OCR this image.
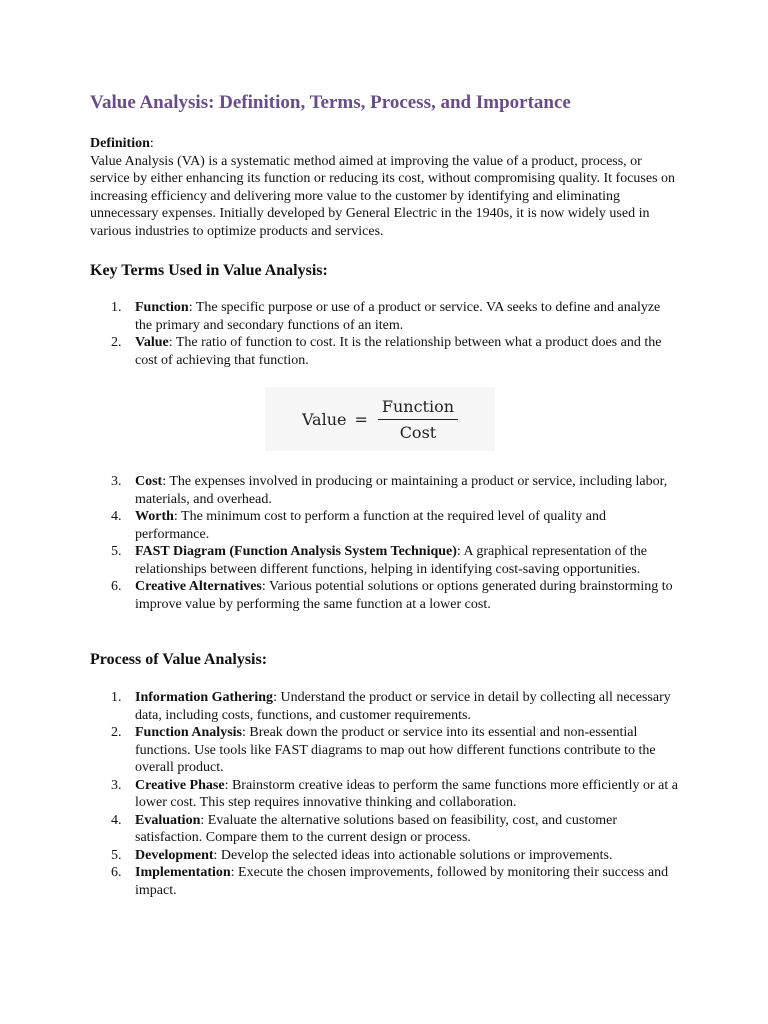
Value Analysis: Definition, Terms, Process, and Importance
Definition:
Value Analysis (VA) is a systematic method aimed at improving the value of a product, process, or service by either enhancing its function or reducing its cost, without compromising quality. It focuses on increasing efficiency and delivering more value to the customer by identifying and eliminating unnecessary expenses. Initially developed by General Electric in the 1940s, it is now widely used in various industries to optimize products and services.
Key Terms Used in Value Analysis:
1. Function: The specific purpose or use of a product or service. VA seeks to define and analyze the primary and secondary functions of an item.
2. Value: The ratio of function to cost. It is the relationship between what a product does and the cost of achieving that function.
3. Cost: The expenses involved in producing or maintaining a product or service, including labor, materials, and overhead.
4. Worth: The minimum cost to perform a function at the required level of quality and performance.
5. FAST Diagram (Function Analysis System Technique): A graphical representation of the relationships between different functions, helping in identifying cost-saving opportunities.
6. Creative Alternatives: Various potential solutions or options generated during brainstorming to improve value by performing the same function at a lower cost.
Process of Value Analysis:
1. Information Gathering: Understand the product or service in detail by collecting all necessary data, including costs, functions, and customer requirements.
2. Function Analysis: Break down the product or service into its essential and non-essential functions. Use tools like FAST diagrams to map out how different functions contribute to the overall product.
3. Creative Phase: Brainstorm creative ideas to perform the same functions more efficiently or at a lower cost. This step requires innovative thinking and collaboration.
4. Evaluation: Evaluate the alternative solutions based on feasibility, cost, and customer satisfaction. Compare them to the current design or process.
5. Development: Develop the selected ideas into actionable solutions or improvements.
6. Implementation: Execute the chosen improvements, followed by monitoring their success and impact.
Value = $\frac{\text{Function}}{\text{Cost}}$
